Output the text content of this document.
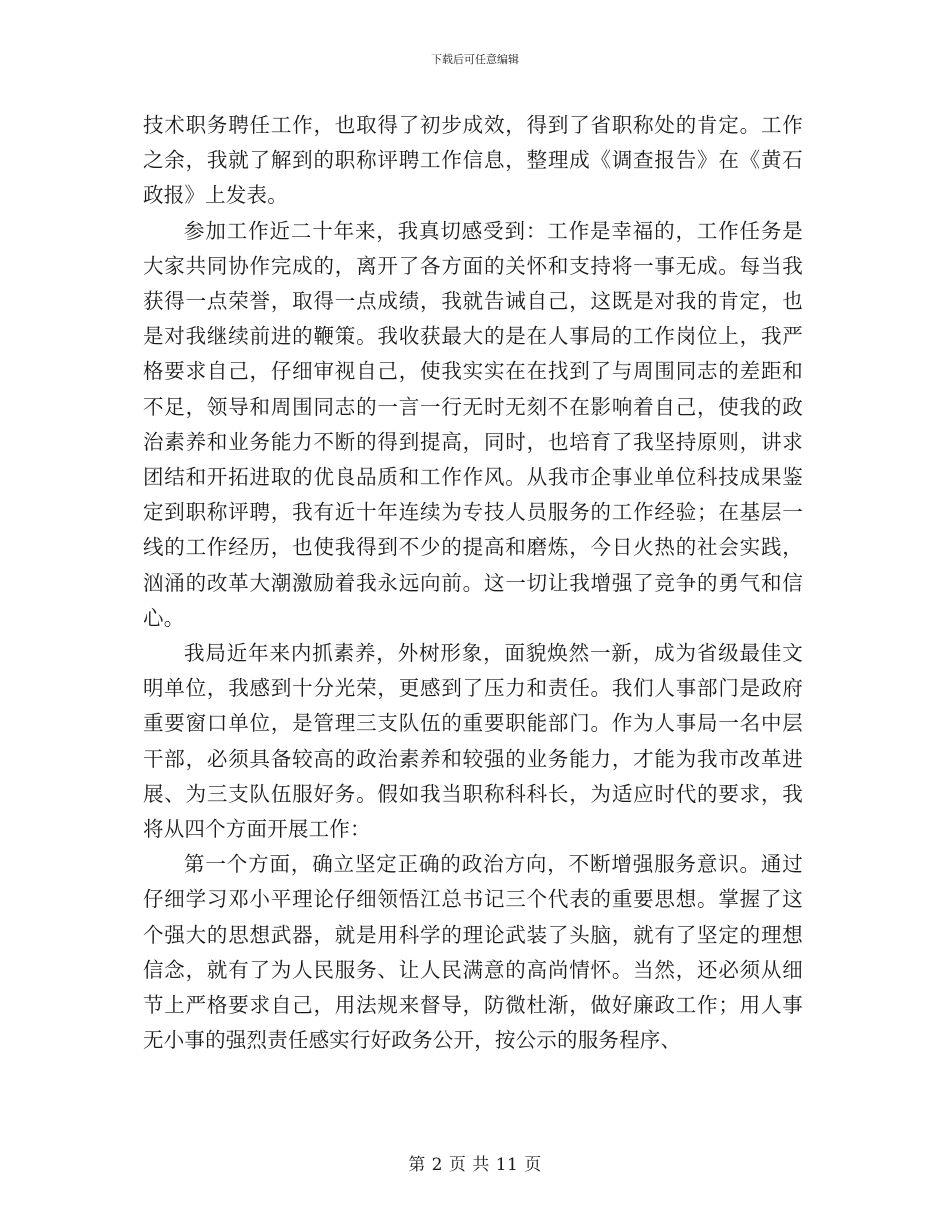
下载后可任意编辑

技术职务聘任工作，也取得了初步成效，得到了省职称处的肯定。工作之余，我就了解到的职称评聘工作信息，整理成《调查报告》在《黄石政报》上发表。

参加工作近二十年来，我真切感受到：工作是幸福的，工作任务是大家共同协作完成的，离开了各方面的关怀和支持将一事无成。每当我获得一点荣誉，取得一点成绩，我就告诫自己，这既是对我的肯定，也是对我继续前进的鞭策。我收获最大的是在人事局的工作岗位上，我严格要求自己，仔细审视自己，使我实实在在找到了与周围同志的差距和不足，领导和周围同志的一言一行无时无刻不在影响着自己，使我的政治素养和业务能力不断的得到提高，同时，也培育了我坚持原则，讲求团结和开拓进取的优良品质和工作作风。从我市企事业单位科技成果鉴定到职称评聘，我有近十年连续为专技人员服务的工作经验；在基层一线的工作经历，也使我得到不少的提高和磨炼，今日火热的社会实践，汹涌的改革大潮激励着我永远向前。这一切让我增强了竞争的勇气和信心。

我局近年来内抓素养，外树形象，面貌焕然一新，成为省级最佳文明单位，我感到十分光荣，更感到了压力和责任。我们人事部门是政府重要窗口单位，是管理三支队伍的重要职能部门。作为人事局一名中层干部，必须具备较高的政治素养和较强的业务能力，才能为我市改革进展、为三支队伍服好务。假如我当职称科科长，为适应时代的要求，我将从四个方面开展工作：

第一个方面，确立坚定正确的政治方向，不断增强服务意识。通过仔细学习邓小平理论仔细领悟江总书记三个代表的重要思想。掌握了这个强大的思想武器，就是用科学的理论武装了头脑，就有了坚定的理想信念，就有了为人民服务、让人民满意的高尚情怀。当然，还必须从细节上严格要求自己，用法规来督导，防微杜渐，做好廉政工作；用人事无小事的强烈责任感实行好政务公开，按公示的服务程序、

第 2 页 共 11 页
